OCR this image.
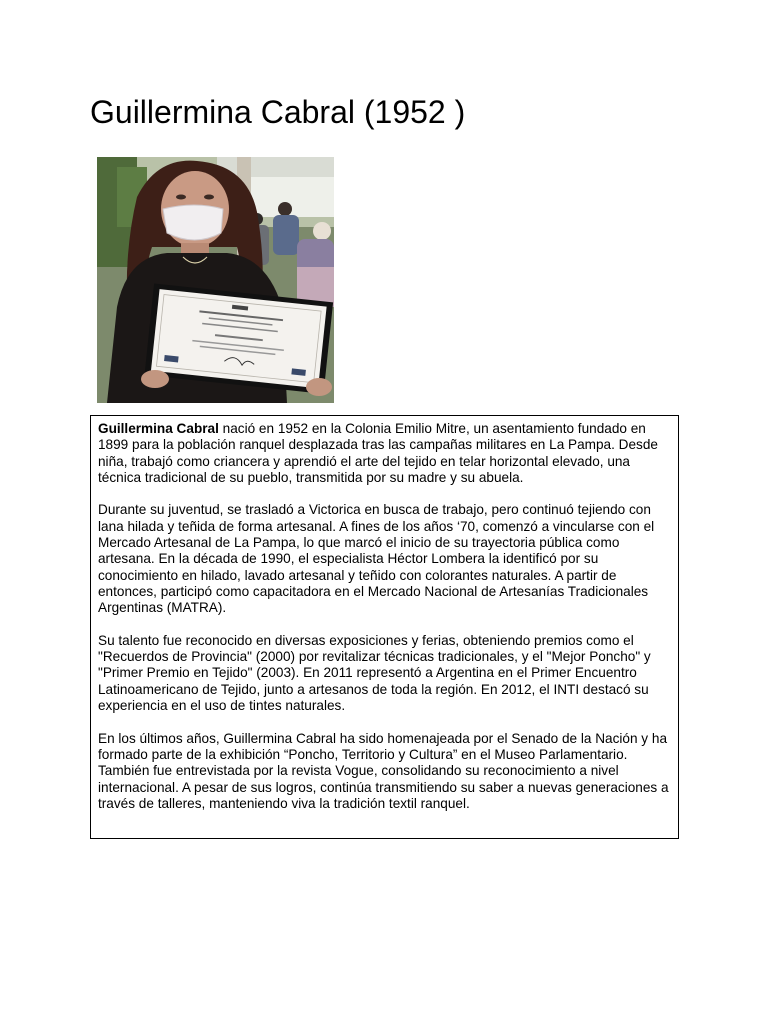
Guillermina Cabral (1952 )

Guillermina Cabral nació en 1952 en la Colonia Emilio Mitre, un asentamiento fundado en 1899 para la población ranquel desplazada tras las campañas militares en La Pampa. Desde niña, trabajó como criancera y aprendió el arte del tejido en telar horizontal elevado, una técnica tradicional de su pueblo, transmitida por su madre y su abuela.

Durante su juventud, se trasladó a Victorica en busca de trabajo, pero continuó tejiendo con lana hilada y teñida de forma artesanal. A fines de los años ‘70, comenzó a vincularse con el Mercado Artesanal de La Pampa, lo que marcó el inicio de su trayectoria pública como artesana. En la década de 1990, el especialista Héctor Lombera la identificó por su conocimiento en hilado, lavado artesanal y teñido con colorantes naturales. A partir de entonces, participó como capacitadora en el Mercado Nacional de Artesanías Tradicionales Argentinas (MATRA).

Su talento fue reconocido en diversas exposiciones y ferias, obteniendo premios como el "Recuerdos de Provincia" (2000) por revitalizar técnicas tradicionales, y el "Mejor Poncho" y "Primer Premio en Tejido" (2003). En 2011 representó a Argentina en el Primer Encuentro Latinoamericano de Tejido, junto a artesanos de toda la región. En 2012, el INTI destacó su experiencia en el uso de tintes naturales.

En los últimos años, Guillermina Cabral ha sido homenajeada por el Senado de la Nación y ha formado parte de la exhibición “Poncho, Territorio y Cultura” en el Museo Parlamentario. También fue entrevistada por la revista Vogue, consolidando su reconocimiento a nivel internacional. A pesar de sus logros, continúa transmitiendo su saber a nuevas generaciones a través de talleres, manteniendo viva la tradición textil ranquel.
